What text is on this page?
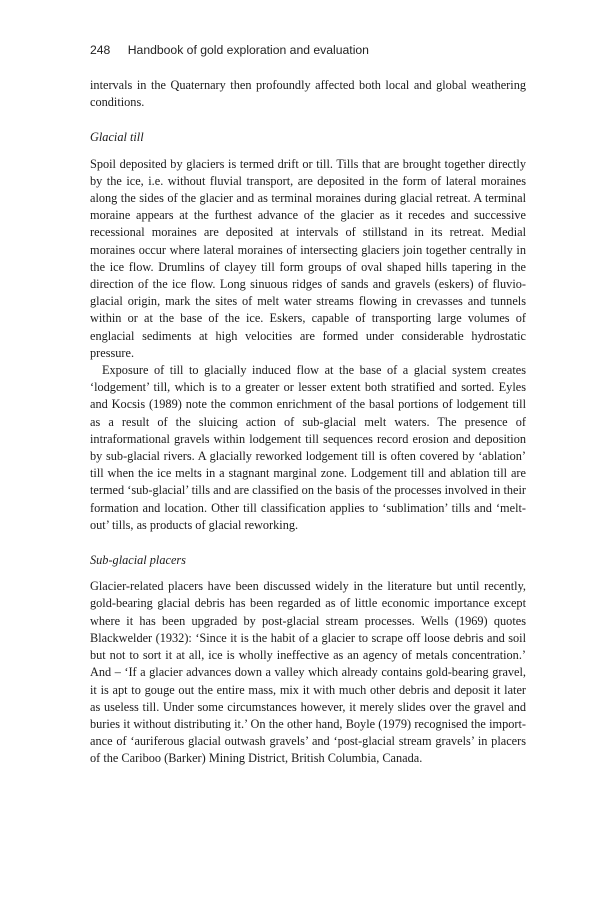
248 Handbook of gold exploration and evaluation

intervals in the Quaternary then profoundly affected both local and global weathering conditions.

Glacial till

Spoil deposited by glaciers is termed drift or till. Tills that are brought together directly by the ice, i.e. without fluvial transport, are deposited in the form of lateral moraines along the sides of the glacier and as terminal moraines during glacial retreat. A terminal moraine appears at the furthest advance of the glacier as it recedes and successive recessional moraines are deposited at intervals of stillstand in its retreat. Medial moraines occur where lateral moraines of intersecting glaciers join together centrally in the ice flow. Drumlins of clayey till form groups of oval shaped hills tapering in the direction of the ice flow. Long sinuous ridges of sands and gravels (eskers) of fluvio-glacial origin, mark the sites of melt water streams flowing in crevasses and tunnels within or at the base of the ice. Eskers, capable of transporting large volumes of englacial sediments at high velocities are formed under considerable hydrostatic pressure.

Exposure of till to glacially induced flow at the base of a glacial system creates ‘lodgement’ till, which is to a greater or lesser extent both stratified and sorted. Eyles and Kocsis (1989) note the common enrichment of the basal portions of lodgement till as a result of the sluicing action of sub-glacial melt waters. The presence of intraformational gravels within lodgement till sequences record erosion and deposition by sub-glacial rivers. A glacially reworked lodgement till is often covered by ‘ablation’ till when the ice melts in a stagnant marginal zone. Lodgement till and ablation till are termed ‘sub-glacial’ tills and are classified on the basis of the processes involved in their formation and location. Other till classification applies to ‘sublimation’ tills and ‘melt-out’ tills, as products of glacial reworking.

Sub-glacial placers

Glacier-related placers have been discussed widely in the literature but until recently, gold-bearing glacial debris has been regarded as of little economic importance except where it has been upgraded by post-glacial stream processes. Wells (1969) quotes Blackwelder (1932): ‘Since it is the habit of a glacier to scrape off loose debris and soil but not to sort it at all, ice is wholly ineffective as an agency of metals concentration.’ And – ‘If a glacier advances down a valley which already contains gold-bearing gravel, it is apt to gouge out the entire mass, mix it with much other debris and deposit it later as useless till. Under some circumstances however, it merely slides over the gravel and buries it without distributing it.’ On the other hand, Boyle (1979) recognised the importance of ‘auriferous glacial outwash gravels’ and ‘post-glacial stream gravels’ in placers of the Cariboo (Barker) Mining District, British Columbia, Canada.
